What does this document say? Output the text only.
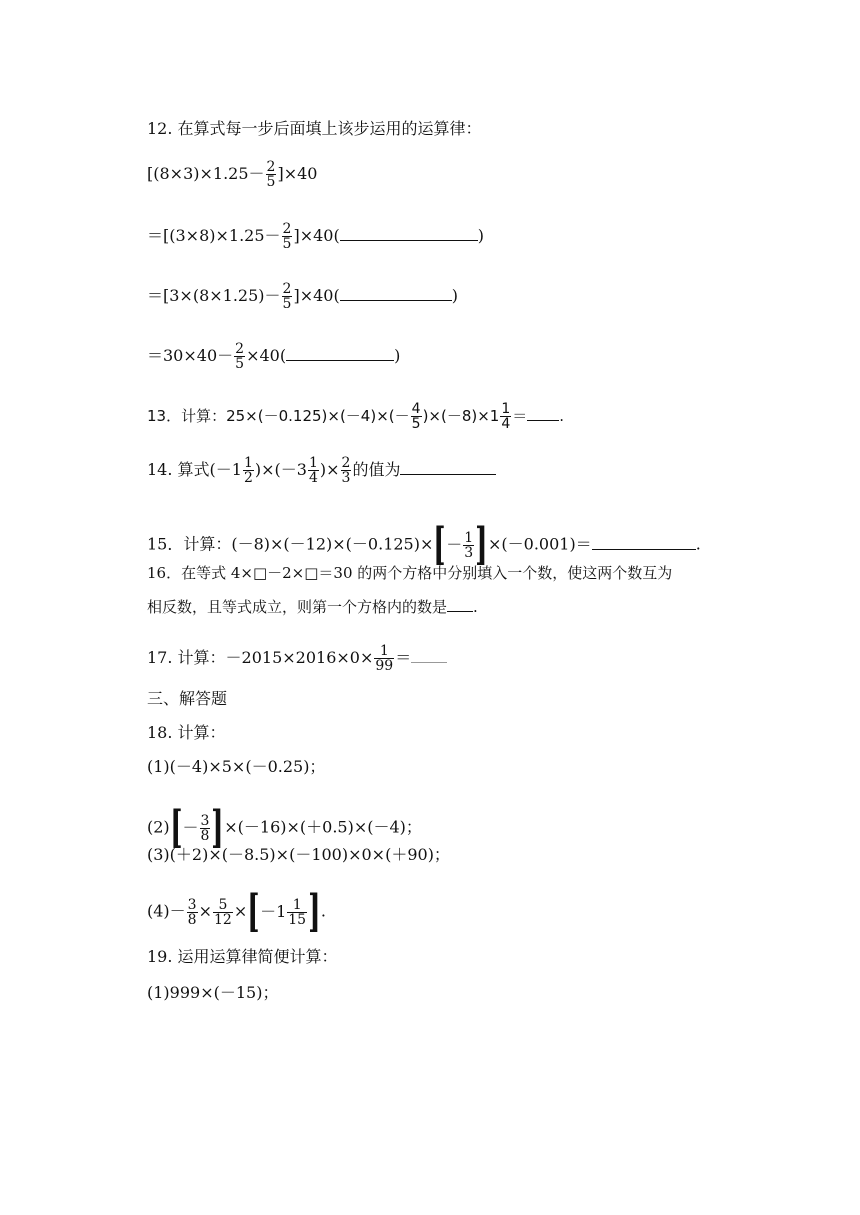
12. 在算式每一步后面填上该步运用的运算律：
$[(8\times 3)\times 1.25- \frac{2}{5} ]\times 40$
$=[(3\times 8)\times 1.25- \frac{2}{5} ]\times 40$(	)
$=[3\times(8\times 1.25)- \frac{2}{5} ]\times 40$(	)
$=30\times 40- \frac{2}{5} \times 40$(	)
13．计算：$25\times(-0.125)\times(-4)\times(- \frac{4}{5} )\times(-8)\times 1 \frac{1}{4}$ ＝ .
14. 算式$(-1 \frac{1}{2} )\times(-3 \frac{1}{4}$ )× $\frac{2}{3}$ 的值为
15．计算：(－8)×(－12)×(－0.125)× [ － $\frac{1}{3}$ ] ×(－0.001)＝	.
16．在等式 4×□－2×□＝30 的两个方格中分别填入一个数，使这两个数互为
相反数，且等式成立，则第一个方格内的数是 .
17. 计算：$-2015\times 2016\times 0\times \frac{1}{99}$ ＝
三、解答题
18. 计算：
(1)(－4)×5×(－0.25)；
(2) [ － $\frac{3}{8}$ ] ×(－16)×(＋0.5)×(－4)；
(3)(＋2)×(－8.5)×(－100)×0×(＋90)；
$(4)- \frac{3}{8} \times \frac{5}{12}$ × [ $-1 \frac{1}{15}$ ] .
19. 运用运算律简便计算：
(1)999×(－15)；
